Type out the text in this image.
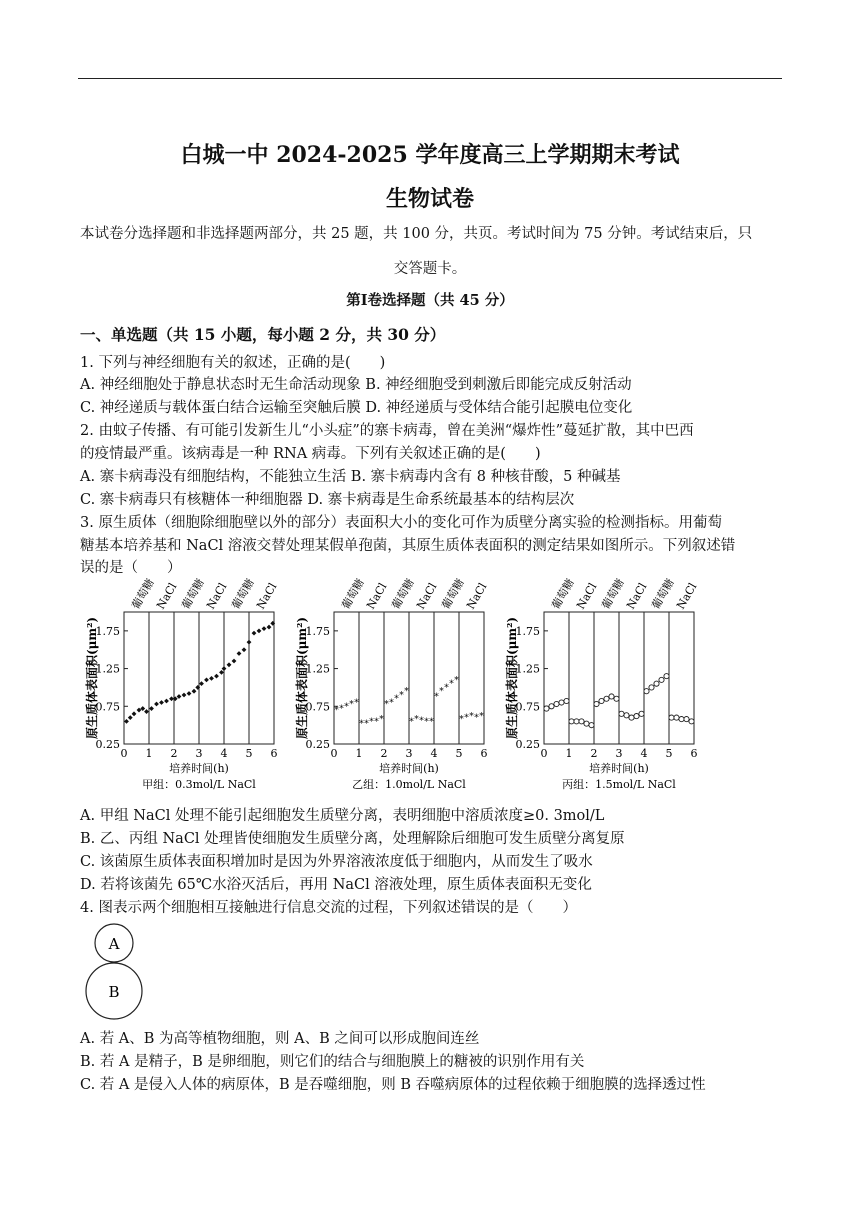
白城一中 2024-2025 学年度高三上学期期末考试
生物试卷
本试卷分选择题和非选择题两部分，共 25 题，共 100 分，共页。考试时间为 75 分钟。考试结束后，只
交答题卡。
第Ⅰ卷选择题（共 45 分）
一、单选题（共 15 小题，每小题 2 分，共 30 分）
1. 下列与神经细胞有关的叙述，正确的是(　　)
A. 神经细胞处于静息状态时无生命活动现象 B. 神经细胞受到刺激后即能完成反射活动
C. 神经递质与载体蛋白结合运输至突触后膜 D. 神经递质与受体结合能引起膜电位变化
2. 由蚊子传播、有可能引发新生儿“小头症”的寨卡病毒，曾在美洲“爆炸性”蔓延扩散，其中巴西
的疫情最严重。该病毒是一种 RNA 病毒。下列有关叙述正确的是(　　)
A. 寨卡病毒没有细胞结构，不能独立生活 B. 寨卡病毒内含有 8 种核苷酸，5 种碱基
C. 寨卡病毒只有核糖体一种细胞器 D. 寨卡病毒是生命系统最基本的结构层次
3. 原生质体（细胞除细胞壁以外的部分）表面积大小的变化可作为质壁分离实验的检测指标。用葡萄
糖基本培养基和 NaCl 溶液交替处理某假单孢菌，其原生质体表面积的测定结果如图所示。下列叙述错
误的是（　　）
葡萄糖
NaCl 葡萄糖
NaCl 葡萄糖
NaCl
0.25
0.75
1.25
1.75
0 1 2 3 4 5 6
原生质体表面积(μm²)
培养时间(h)
甲组：0.3mol/L NaCl
葡萄糖
NaCl 葡萄糖
NaCl 葡萄糖
NaCl
0.25
0.75
1.25
1.75
0 1 2 3 4 5 6
原生质体表面积(μm²)
培养时间(h)
乙组：1.0mol/L NaCl
* * * * *
* * * * *
* * * * *
* * * * *
*
* * * *
* * * * *
葡萄糖
NaCl 葡萄糖
NaCl 葡萄糖
NaCl
0.25
0.75
1.25
1.75
0 1 2 3 4 5 6
原生质体表面积(μm²)
培养时间(h)
丙组：1.5mol/L NaCl
A. 甲组 NaCl 处理不能引起细胞发生质壁分离，表明细胞中溶质浓度≥0. 3mol/L
B. 乙、丙组 NaCl 处理皆使细胞发生质壁分离，处理解除后细胞可发生质壁分离复原
C. 该菌原生质体表面积增加时是因为外界溶液浓度低于细胞内，从而发生了吸水
D. 若将该菌先 65℃水浴灭活后，再用 NaCl 溶液处理，原生质体表面积无变化
4. 图表示两个细胞相互接触进行信息交流的过程，下列叙述错误的是（　　）
A
B
A. 若 A、B 为高等植物细胞，则 A、B 之间可以形成胞间连丝
B. 若 A 是精子，B 是卵细胞，则它们的结合与细胞膜上的糖被的识别作用有关
C. 若 A 是侵入人体的病原体，B 是吞噬细胞，则 B 吞噬病原体的过程依赖于细胞膜的选择透过性
